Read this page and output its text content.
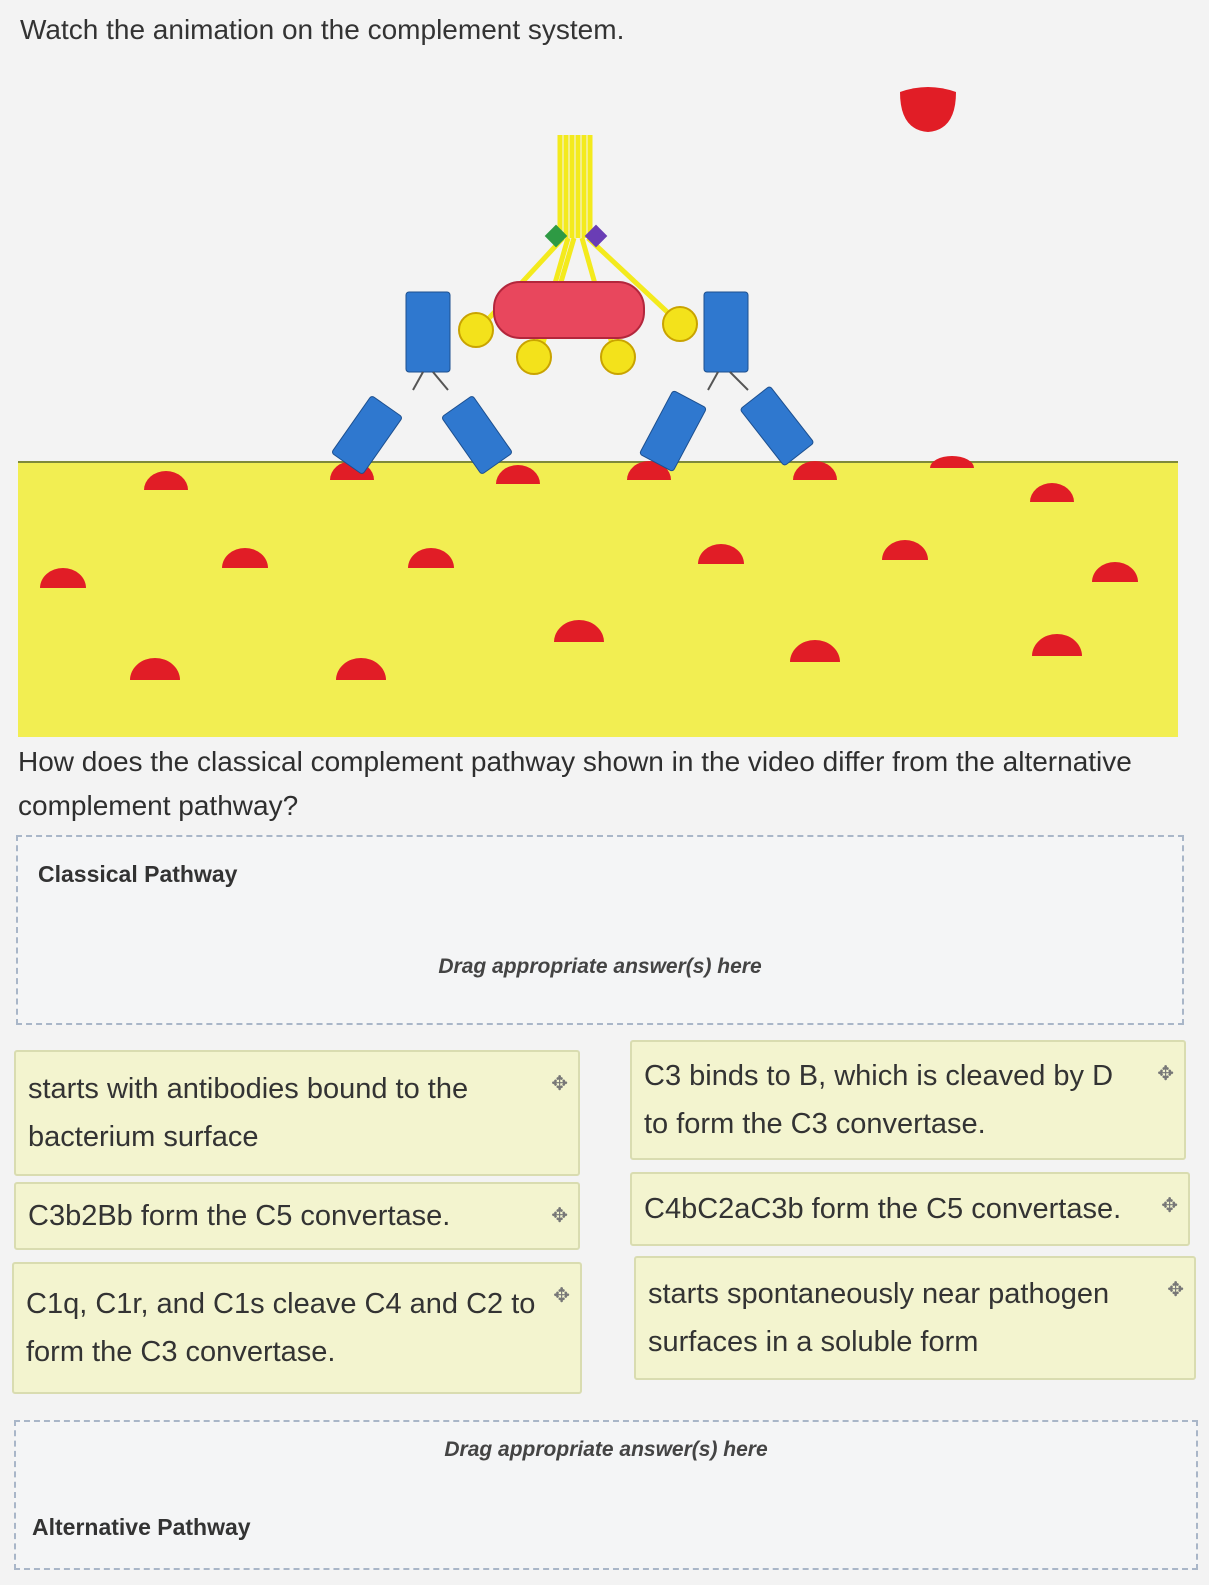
Watch the animation on the complement system.
How does the classical complement pathway shown in the video differ from the alternative complement pathway?
Classical Pathway
Drag appropriate answer(s) here
starts with antibodies bound to the bacterium surface
✥	C3 binds to B, which is cleaved by D to form the C3 convertase.
✥
C3b2Bb form the C5 convertase.	✥	C4bC2aC3b form the C5 convertase. ✥
C1q, C1r, and C1s cleave C4 and C2 to form the C3 convertase.
✥	starts spontaneously near pathogen surfaces in a soluble form
✥
Drag appropriate answer(s) here
Alternative Pathway
